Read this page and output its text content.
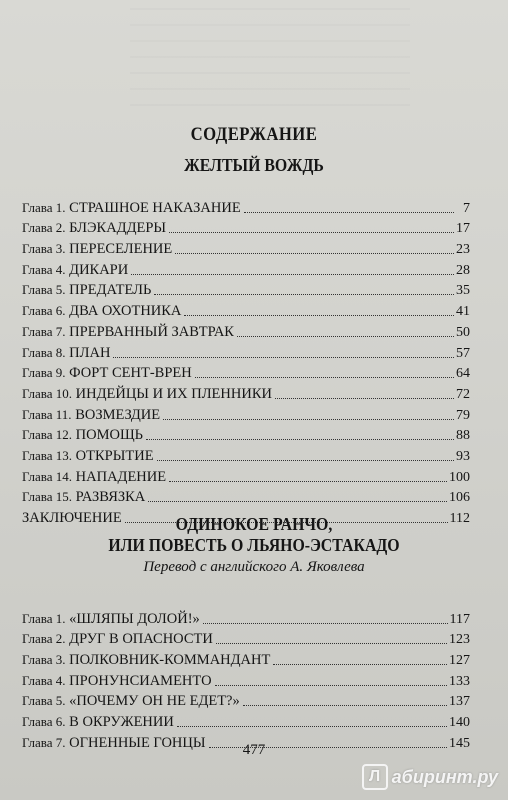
СОДЕРЖАНИЕ
ЖЕЛТЫЙ ВОЖДЬ
Глава 1. СТРАШНОЕ НАКАЗАНИЕ	7
Глава 2. БЛЭКАДДЕРЫ	17
Глава 3. ПЕРЕСЕЛЕНИЕ	23
Глава 4. ДИКАРИ	28
Глава 5. ПРЕДАТЕЛЬ	35
Глава 6. ДВА ОХОТНИКА	41
Глава 7. ПРЕРВАННЫЙ ЗАВТРАК	50
Глава 8. ПЛАН	57
Глава 9. ФОРТ СЕНТ-ВРЕН	64
Глава 10. ИНДЕЙЦЫ И ИХ ПЛЕННИКИ	72
Глава 11. ВОЗМЕЗДИЕ	79
Глава 12. ПОМОЩЬ	88
Глава 13. ОТКРЫТИЕ	93
Глава 14. НАПАДЕНИЕ	100
Глава 15. РАЗВЯЗКА	106
ЗАКЛЮЧЕНИЕ	112
ОДИНОКОЕ РАНЧО,
ИЛИ ПОВЕСТЬ О ЛЬЯНО-ЭСТАКАДО
Перевод с английского А. Яковлева
Глава 1. «ШЛЯПЫ ДОЛОЙ!»	117
Глава 2. ДРУГ В ОПАСНОСТИ	123
Глава 3. ПОЛКОВНИК-КОММАНДАНТ	127
Глава 4. ПРОНУНСИАМЕНТО	133
Глава 5. «ПОЧЕМУ ОН НЕ ЕДЕТ?»	137
Глава 6. В ОКРУЖЕНИИ	140
Глава 7. ОГНЕННЫЕ ГОНЦЫ	145
477
Л абиринт.ру
